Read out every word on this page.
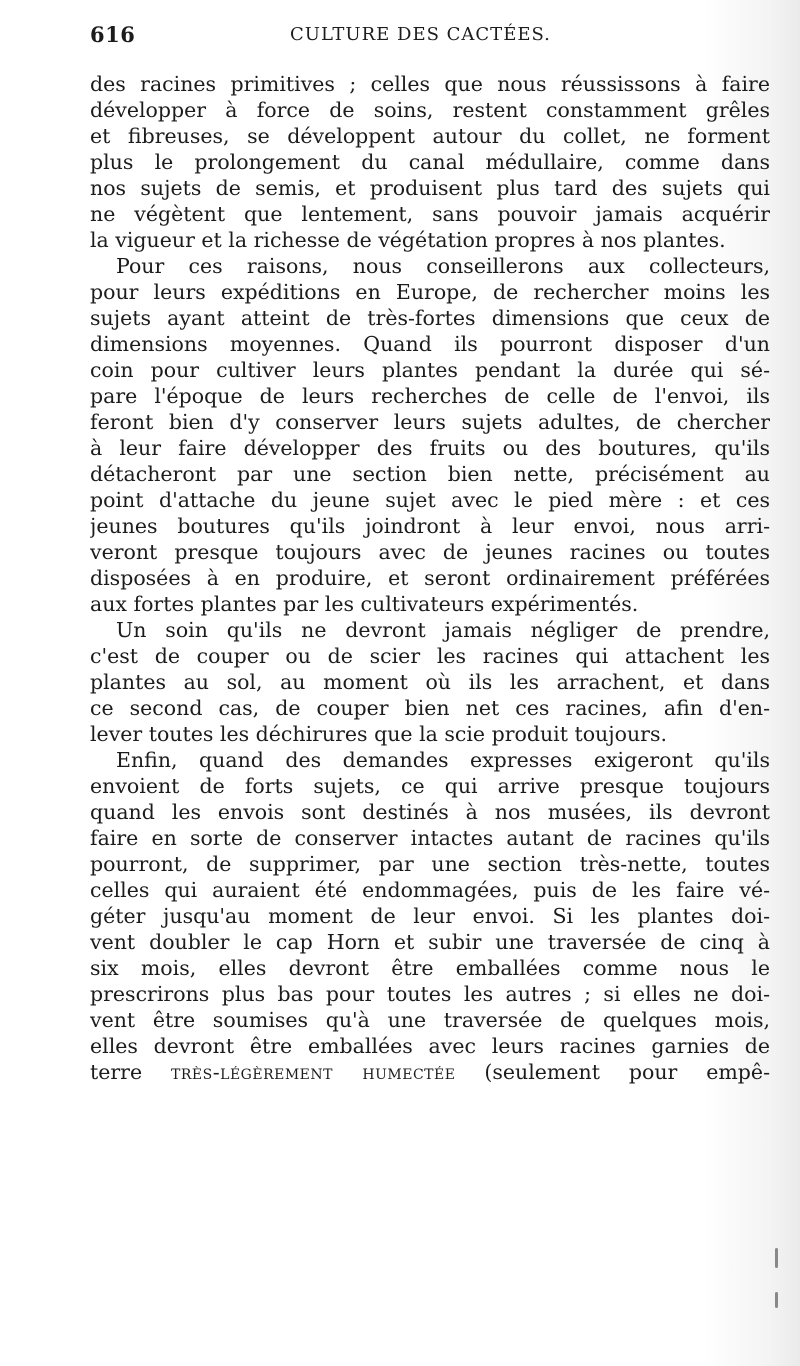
616	CULTURE DES CACTÉES.
des racines primitives ; celles que nous réussissons à faire
développer à force de soins, restent constamment grêles
et fibreuses, se développent autour du collet, ne forment
plus le prolongement du canal médullaire, comme dans
nos sujets de semis, et produisent plus tard des sujets qui
ne végètent que lentement, sans pouvoir jamais acquérir
la vigueur et la richesse de végétation propres à nos plantes.
Pour ces raisons, nous conseillerons aux collecteurs,
pour leurs expéditions en Europe, de rechercher moins les
sujets ayant atteint de très-fortes dimensions que ceux de
dimensions moyennes. Quand ils pourront disposer d'un
coin pour cultiver leurs plantes pendant la durée qui sé-
pare l'époque de leurs recherches de celle de l'envoi, ils
feront bien d'y conserver leurs sujets adultes, de chercher
à leur faire développer des fruits ou des boutures, qu'ils
détacheront par une section bien nette, précisément au
point d'attache du jeune sujet avec le pied mère : et ces
jeunes boutures qu'ils joindront à leur envoi, nous arri-
veront presque toujours avec de jeunes racines ou toutes
disposées à en produire, et seront ordinairement préférées
aux fortes plantes par les cultivateurs expérimentés.
Un soin qu'ils ne devront jamais négliger de prendre,
c'est de couper ou de scier les racines qui attachent les
plantes au sol, au moment où ils les arrachent, et dans
ce second cas, de couper bien net ces racines, afin d'en-
lever toutes les déchirures que la scie produit toujours.
Enfin, quand des demandes expresses exigeront qu'ils
envoient de forts sujets, ce qui arrive presque toujours
quand les envois sont destinés à nos musées, ils devront
faire en sorte de conserver intactes autant de racines qu'ils
pourront, de supprimer, par une section très-nette, toutes
celles qui auraient été endommagées, puis de les faire vé-
géter jusqu'au moment de leur envoi. Si les plantes doi-
vent doubler le cap Horn et subir une traversée de cinq à
six mois, elles devront être emballées comme nous le
prescrirons plus bas pour toutes les autres ; si elles ne doi-
vent être soumises qu'à une traversée de quelques mois,
elles devront être emballées avec leurs racines garnies de
terre très-légèrement humectée (seulement pour empê-
